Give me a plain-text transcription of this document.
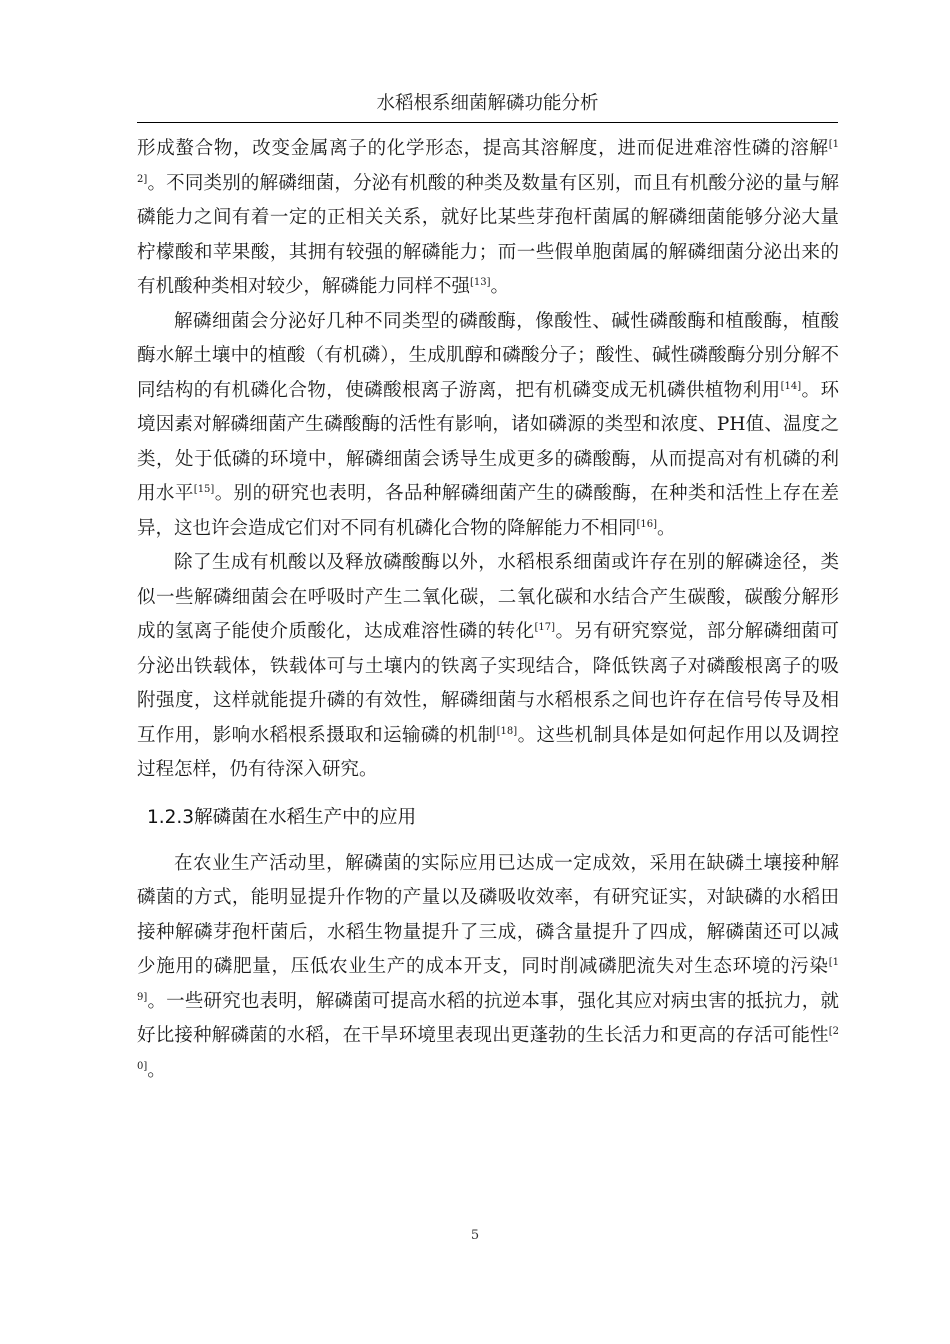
水稻根系细菌解磷功能分析

形成螯合物，改变金属离子的化学形态，提高其溶解度，进而促进难溶性磷的溶解[12]。不同类别的解磷细菌，分泌有机酸的种类及数量有区别，而且有机酸分泌的量与解磷能力之间有着一定的正相关关系，就好比某些芽孢杆菌属的解磷细菌能够分泌大量柠檬酸和苹果酸，其拥有较强的解磷能力；而一些假单胞菌属的解磷细菌分泌出来的有机酸种类相对较少，解磷能力同样不强[13]。

解磷细菌会分泌好几种不同类型的磷酸酶，像酸性、碱性磷酸酶和植酸酶，植酸酶水解土壤中的植酸（有机磷），生成肌醇和磷酸分子；酸性、碱性磷酸酶分别分解不同结构的有机磷化合物，使磷酸根离子游离，把有机磷变成无机磷供植物利用[14]。环境因素对解磷细菌产生磷酸酶的活性有影响，诸如磷源的类型和浓度、PH值、温度之类，处于低磷的环境中，解磷细菌会诱导生成更多的磷酸酶，从而提高对有机磷的利用水平[15]。别的研究也表明，各品种解磷细菌产生的磷酸酶，在种类和活性上存在差异，这也许会造成它们对不同有机磷化合物的降解能力不相同[16]。

除了生成有机酸以及释放磷酸酶以外，水稻根系细菌或许存在别的解磷途径，类似一些解磷细菌会在呼吸时产生二氧化碳，二氧化碳和水结合产生碳酸，碳酸分解形成的氢离子能使介质酸化，达成难溶性磷的转化[17]。另有研究察觉，部分解磷细菌可分泌出铁载体，铁载体可与土壤内的铁离子实现结合，降低铁离子对磷酸根离子的吸附强度，这样就能提升磷的有效性，解磷细菌与水稻根系之间也许存在信号传导及相互作用，影响水稻根系摄取和运输磷的机制[18]。这些机制具体是如何起作用以及调控过程怎样，仍有待深入研究。

1.2.3解磷菌在水稻生产中的应用

在农业生产活动里，解磷菌的实际应用已达成一定成效，采用在缺磷土壤接种解磷菌的方式，能明显提升作物的产量以及磷吸收效率，有研究证实，对缺磷的水稻田接种解磷芽孢杆菌后，水稻生物量提升了三成，磷含量提升了四成，解磷菌还可以减少施用的磷肥量，压低农业生产的成本开支，同时削减磷肥流失对生态环境的污染[19]。一些研究也表明，解磷菌可提高水稻的抗逆本事，强化其应对病虫害的抵抗力，就好比接种解磷菌的水稻，在干旱环境里表现出更蓬勃的生长活力和更高的存活可能性[20]。

5
